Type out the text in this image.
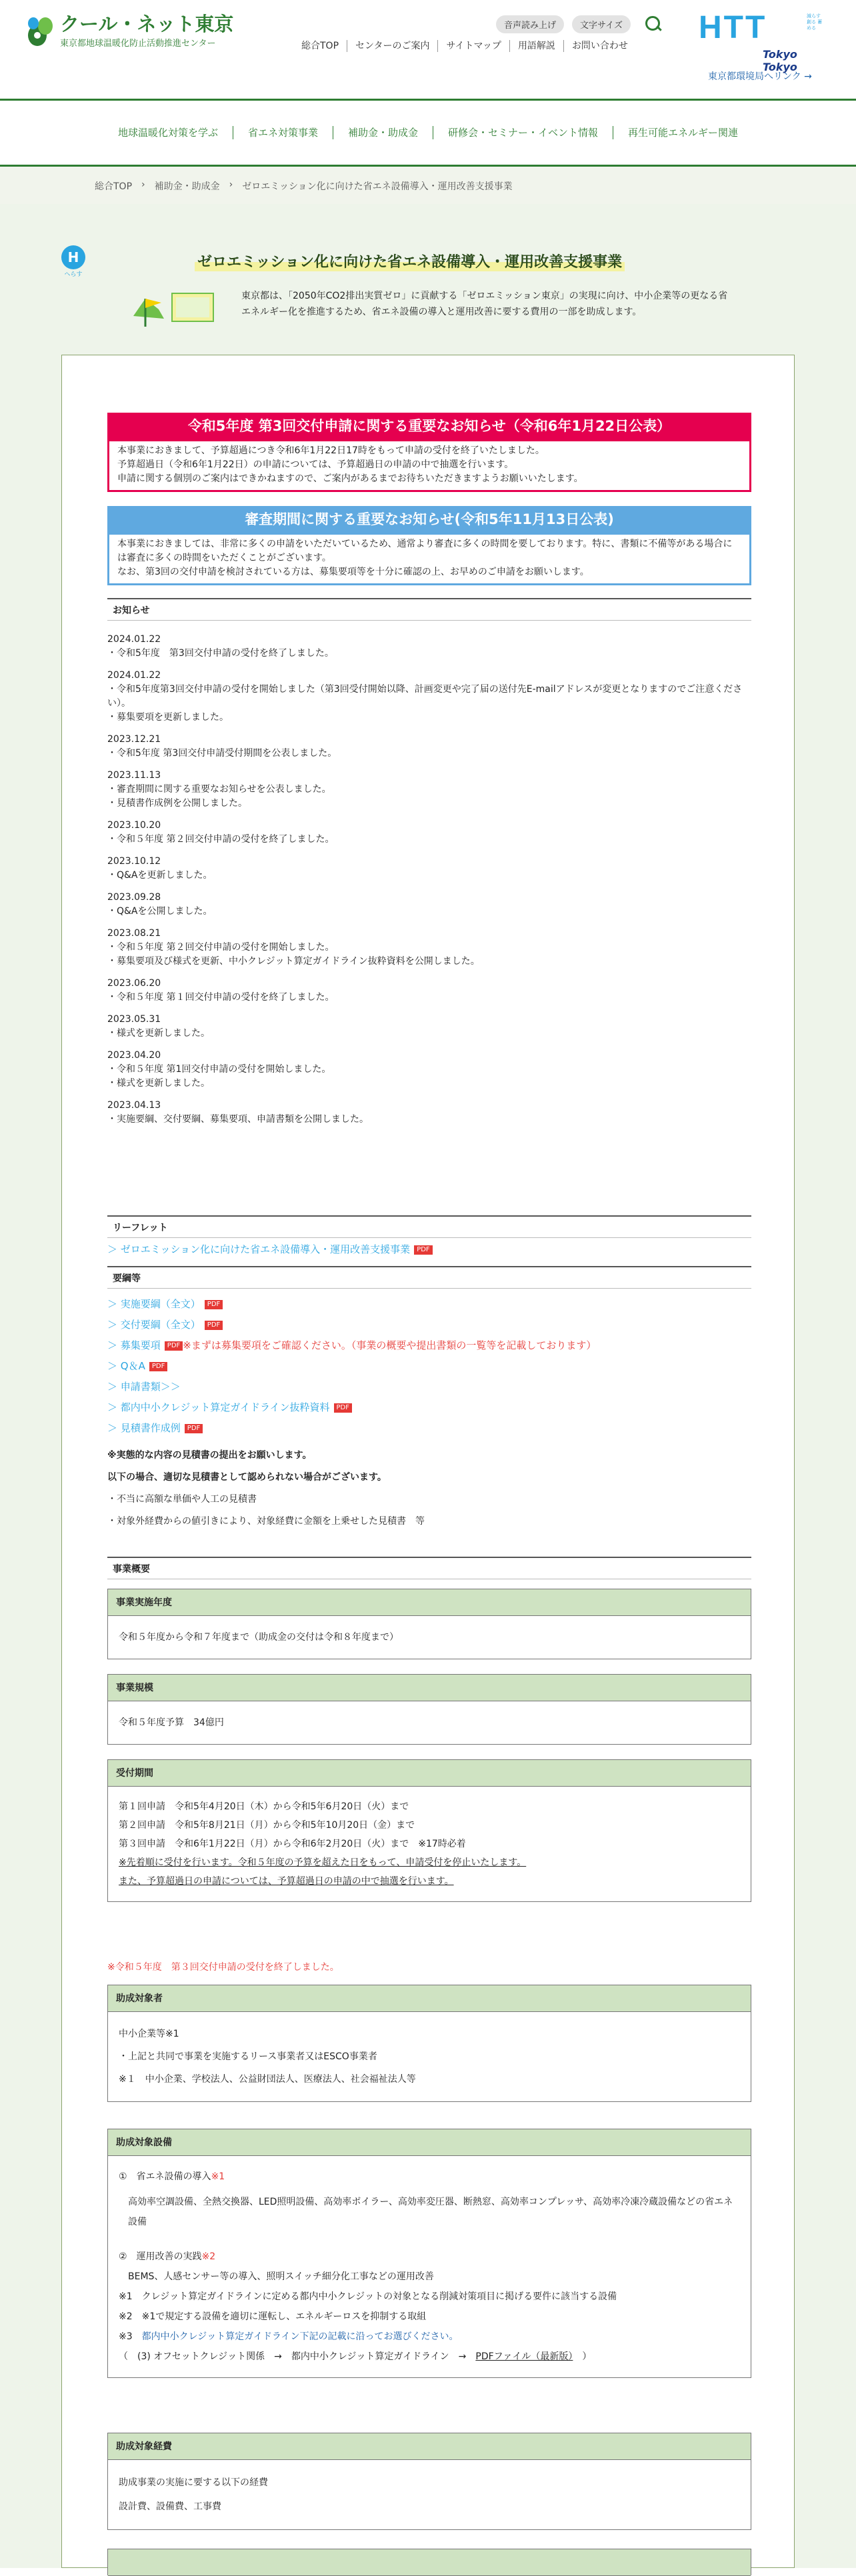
クール・ネット東京
東京都地球温暖化防止活動推進センター
音声読み上げ	文字サイズ
総合TOP	センターのご案内	サイトマップ	用語解説	お問い合わせ
HTT	減らす 創る 蓄める
Tokyo Tokyo
東京都環境局へリンク →
地球温暖化対策を学ぶ	省エネ対策事業	補助金・助成金	研修会・セミナー・イベント情報	再生可能エネルギー関連
総合TOP › 補助金・助成金 › ゼロエミッション化に向けた省エネ設備導入・運用改善支援事業
H
へらす
ゼロエミッション化に向けた省エネ設備導入・運用改善支援事業
東京都は、「2050年CO2排出実質ゼロ」に貢献する「ゼロエミッション東京」の実現に向け、中小企業等の更なる省エネルギー化を推進するため、省エネ設備の導入と運用改善に要する費用の一部を助成します。
令和5年度 第3回交付申請に関する重要なお知らせ（令和6年1月22日公表）
本事業におきまして、予算超過につき令和6年1月22日17時をもって申請の受付を終了いたしました。
予算超過日（令和6年1月22日）の申請については、予算超過日の申請の中で抽選を行います。
申請に関する個別のご案内はできかねますので、ご案内があるまでお待ちいただきますようお願いいたします。
審査期間に関する重要なお知らせ(令和5年11月13日公表)
本事業におきましては、非常に多くの申請をいただいているため、通常より審査に多くの時間を要しております。特に、書類に不備等がある場合には審査に多くの時間をいただくことがございます。
なお、第3回の交付申請を検討されている方は、募集要項等を十分に確認の上、お早めのご申請をお願いします。
お知らせ
2024.01.22
・令和5年度　第3回交付申請の受付を終了しました。
2024.01.22
・令和5年度第3回交付申請の受付を開始しました（第3回受付開始以降、計画変更や完了届の送付先E-mailアドレスが変更となりますのでご注意ください）。
・募集要項を更新しました。
2023.12.21
・令和5年度 第3回交付申請受付期間を公表しました。
2023.11.13
・審査期間に関する重要なお知らせを公表しました。
・見積書作成例を公開しました。
2023.10.20
・令和５年度 第２回交付申請の受付を終了しました。
2023.10.12
・Q&Aを更新しました。
2023.09.28
・Q&Aを公開しました。
2023.08.21
・令和５年度 第２回交付申請の受付を開始しました。
・募集要項及び様式を更新、中小クレジット算定ガイドライン抜粋資料を公開しました。
2023.06.20
・令和５年度 第１回交付申請の受付を終了しました。
2023.05.31
・様式を更新しました。
2023.04.20
・令和５年度 第1回交付申請の受付を開始しました。
・様式を更新しました。
2023.04.13
・実施要綱、交付要綱、募集要項、申請書類を公開しました。
リーフレット
＞ ゼロエミッション化に向けた省エネ設備導入・運用改善支援事業 PDF
要綱等
＞ 実施要綱（全文） PDF
＞ 交付要綱（全文） PDF
＞ 募集要項 PDF ※まずは募集要項をご確認ください。（事業の概要や提出書類の一覧等を記載しております）
＞ Q＆A PDF
＞ 申請書類＞＞
＞ 都内中小クレジット算定ガイドライン抜粋資料 PDF
＞ 見積書作成例 PDF
※実態的な内容の見積書の提出をお願いします。
以下の場合、適切な見積書として認められない場合がございます。
・不当に高額な単価や人工の見積書
・対象外経費からの値引きにより、対象経費に金額を上乗せした見積書　等
事業概要
事業実施年度
令和５年度から令和７年度まで（助成金の交付は令和８年度まで）
事業規模
令和５年度予算　34億円
受付期間
第１回申請　令和5年4月20日（木）から令和5年6月20日（火）まで
第２回申請　令和5年8月21日（月）から令和5年10月20日（金）まで
第３回申請　令和6年1月22日（月）から令和6年2月20日（火）まで　※17時必着
※先着順に受付を行います。令和５年度の予算を超えた日をもって、申請受付を停止いたします。
また、予算超過日の申請については、予算超過日の申請の中で抽選を行います。
※令和５年度　第３回交付申請の受付を終了しました。
助成対象者
中小企業等※1
・上記と共同で事業を実施するリース事業者又はESCO事業者
※１　中小企業、学校法人、公益財団法人、医療法人、社会福祉法人等
助成対象設備
①　省エネ設備の導入※1
高効率空調設備、全熱交換器、LED照明設備、高効率ボイラー、高効率変圧器、断熱窓、高効率コンプレッサ、高効率冷凍冷蔵設備などの省エネ設備
②　運用改善の実践※2
BEMS、人感センサー等の導入、照明スイッチ細分化工事などの運用改善
※1　クレジット算定ガイドラインに定める都内中小クレジットの対象となる削減対策項目に掲げる要件に該当する設備
※2　※1で規定する設備を適切に運転し、エネルギーロスを抑制する取組
※3　 都内中小クレジット算定ガイドライン下記の記載に沿ってお選びください。
（　(3) オフセットクレジット関係　→　都内中小クレジット算定ガイドライン　→　 PDFファイル（最新版）　 ）
助成対象経費
助成事業の実施に要する以下の経費
設計費、設備費、工事費
